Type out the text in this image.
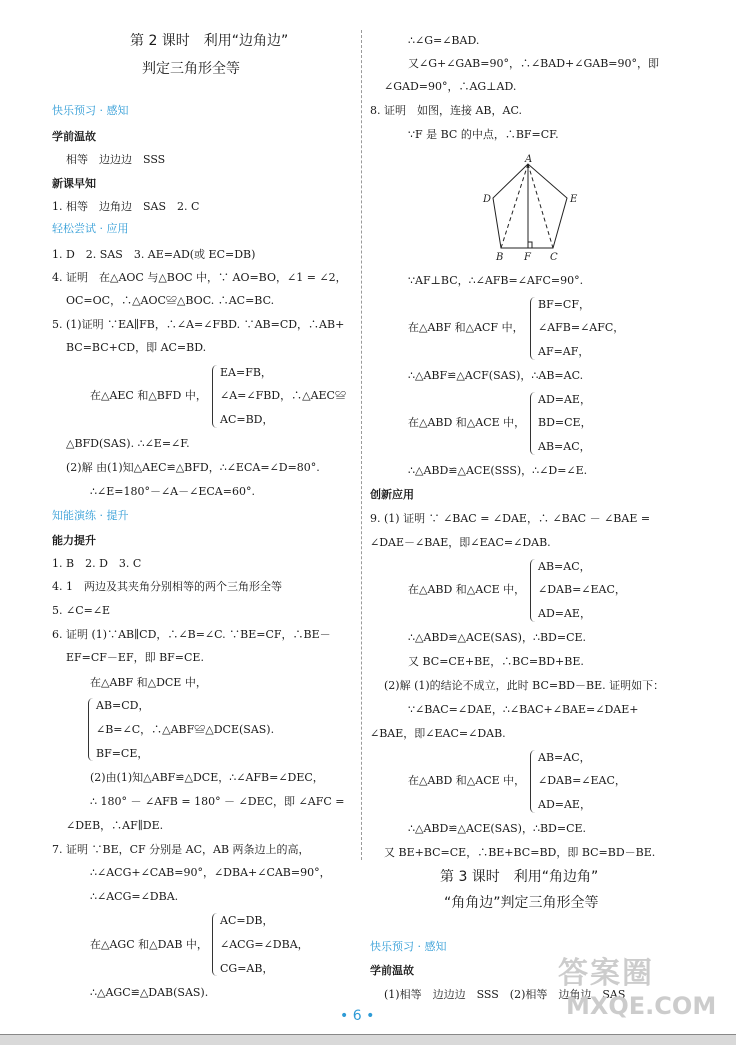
第 2 课时　利用“边角边”
判定三角形全等
快乐预习 · 感知
学前温故
相等　边边边　SSS
新课早知
1. 相等　边角边　SAS　2. C
轻松尝试 · 应用
1. D　2. SAS　3. AE=AD(或 EC=DB)
4. 证明　在△AOC 与△BOC 中，∵ AO=BO，∠1 = ∠2，
OC=OC，∴△AOC≌△BOC. ∴AC=BC.
5. (1)证明 ∵EA∥FB，∴∠A=∠FBD. ∵AB=CD，∴AB+
BC=BC+CD，即 AC=BD.
在△AEC 和△BFD 中，
EA=FB，
∠A=∠FBD，∴△AEC≌
AC=BD，
△BFD(SAS). ∴∠E=∠F.
(2)解 由(1)知△AEC≌△BFD，∴∠ECA=∠D=80°.
∴∠E=180°－∠A－∠ECA=60°.
知能演练 · 提升
能力提升
1. B　2. D　3. C
4. 1　两边及其夹角分别相等的两个三角形全等
5. ∠C=∠E
6. 证明 (1)∵AB∥CD，∴∠B=∠C. ∵BE=CF，∴BE－
EF=CF－EF，即 BF=CE.
在△ABF 和△DCE 中，
AB=CD，
∠B=∠C，∴△ABF≌△DCE(SAS).
BF=CE，
(2)由(1)知△ABF≌△DCE，∴∠AFB=∠DEC，
∴ 180° － ∠AFB = 180° － ∠DEC，即 ∠AFC =
∠DEB，∴AF∥DE.
7. 证明 ∵BE，CF 分别是 AC，AB 两条边上的高，
∴∠ACG+∠CAB=90°，∠DBA+∠CAB=90°，
∴∠ACG=∠DBA.
在△AGC 和△DAB 中，
AC=DB，
∠ACG=∠DBA，
CG=AB，
∴△AGC≌△DAB(SAS).
∴∠G=∠BAD.
又∠G+∠GAB=90°，∴∠BAD+∠GAB=90°，即
∠GAD=90°，∴AG⊥AD.
8. 证明　如图，连接 AB，AC.
∵F 是 BC 的中点，∴BF=CF.
A
B	C
D	E
F
∵AF⊥BC，∴∠AFB=∠AFC=90°.
在△ABF 和△ACF 中，
BF=CF，
∠AFB=∠AFC，
AF=AF，
∴△ABF≌△ACF(SAS)，∴AB=AC.
在△ABD 和△ACE 中，
AD=AE，
BD=CE，
AB=AC，
∴△ABD≌△ACE(SSS)，∴∠D=∠E.
创新应用
9. (1) 证明 ∵ ∠BAC = ∠DAE，∴ ∠BAC － ∠BAE =
∠DAE－∠BAE，即∠EAC=∠DAB.
在△ABD 和△ACE 中，
AB=AC，
∠DAB=∠EAC，
AD=AE，
∴△ABD≌△ACE(SAS)，∴BD=CE.
又 BC=CE+BE，∴BC=BD+BE.
(2)解 (1)的结论不成立，此时 BC=BD－BE. 证明如下：
∵∠BAC=∠DAE，∴∠BAC+∠BAE=∠DAE+
∠BAE，即∠EAC=∠DAB.
在△ABD 和△ACE 中，
AB=AC，
∠DAB=∠EAC，
AD=AE，
∴△ABD≌△ACE(SAS)，∴BD=CE.
又 BE+BC=CE，∴BE+BC=BD，即 BC=BD－BE.
第 3 课时　利用“角边角”
“角角边”判定三角形全等
快乐预习 · 感知
学前温故
(1)相等　边边边　SSS　(2)相等　边角边　SAS
答案圈
MXQE.COM
• 6 •
